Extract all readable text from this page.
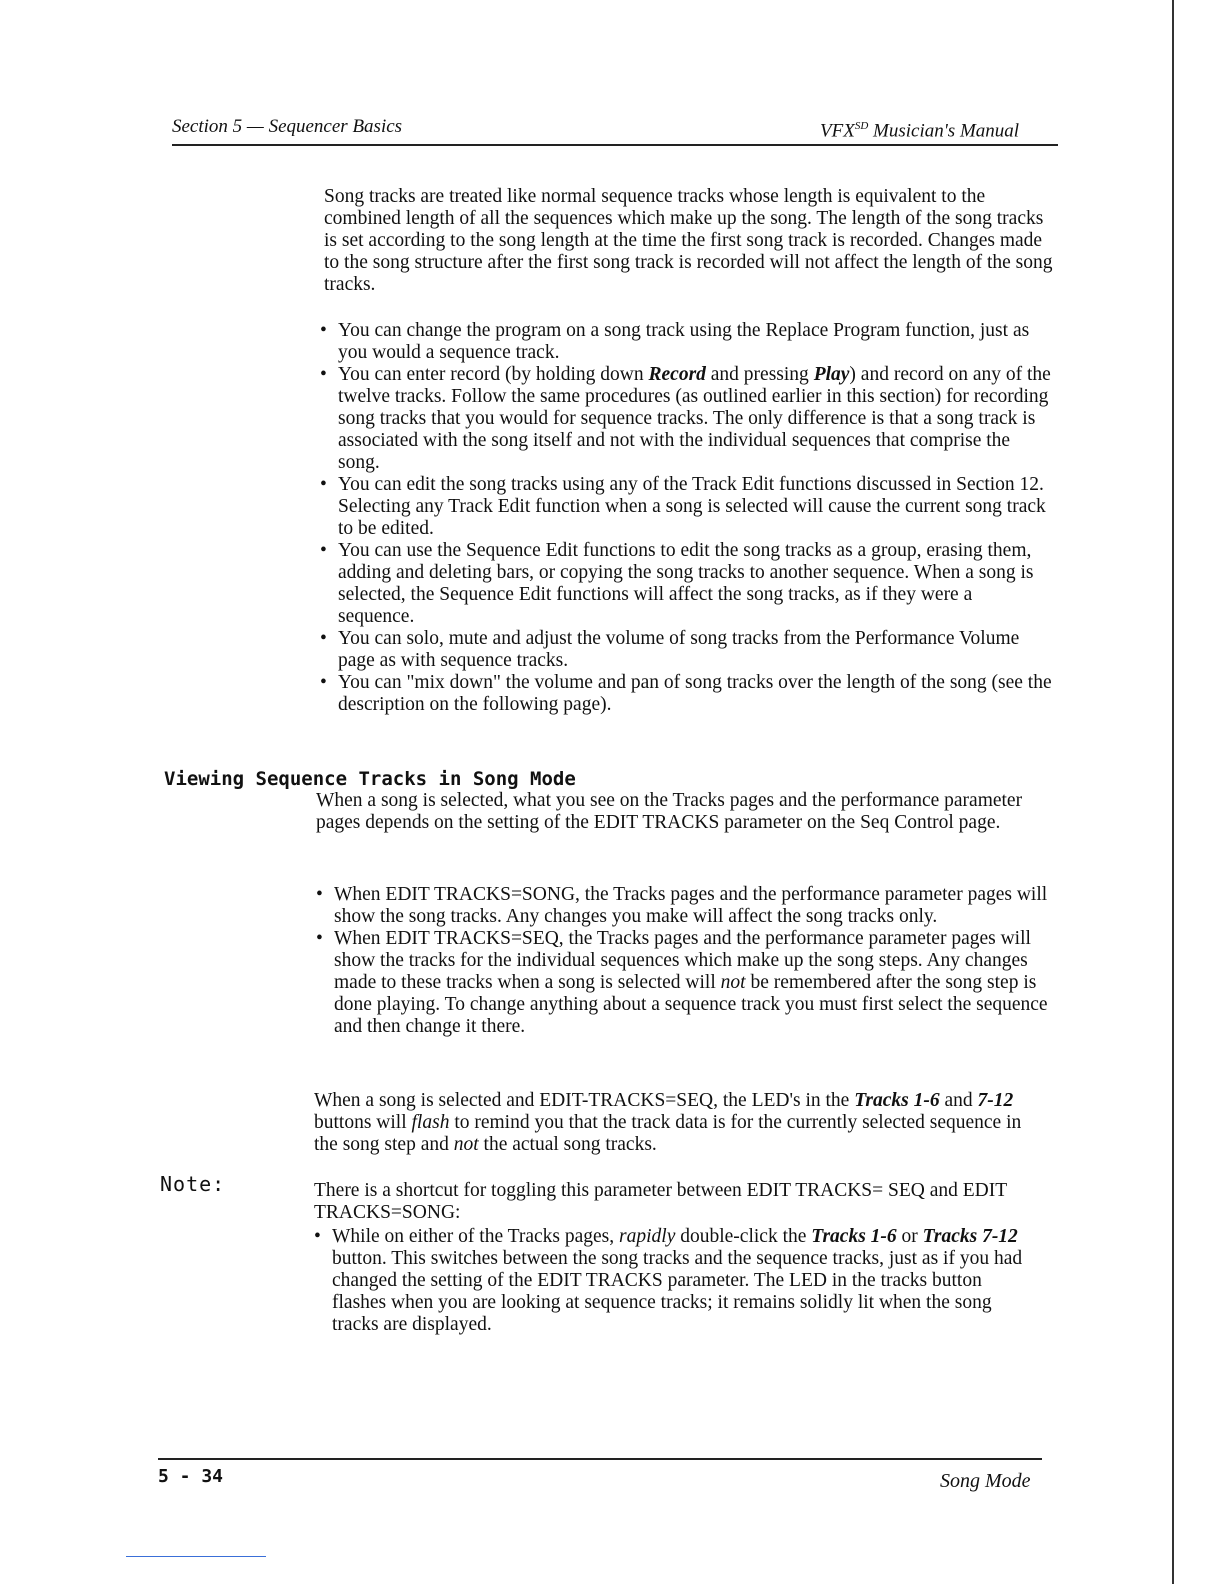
Section 5 — Sequencer Basics	$VFX^{SD}$ Musician's Manual
Song tracks are treated like normal sequence tracks whose length is equivalent to the combined length of all the sequences which make up the song. The length of the song tracks is set according to the song length at the time the first song track is recorded. Changes made to the song structure after the first song track is recorded will not affect the length of the song tracks.
• You can change the program on a song track using the Replace Program function, just as you would a sequence track.
• You can enter record (by holding down Record and pressing Play) and record on any of the twelve tracks. Follow the same procedures (as outlined earlier in this section) for recording song tracks that you would for sequence tracks. The only difference is that a song track is associated with the song itself and not with the individual sequences that comprise the song.
• You can edit the song tracks using any of the Track Edit functions discussed in Section 12. Selecting any Track Edit function when a song is selected will cause the current song track to be edited.
• You can use the Sequence Edit functions to edit the song tracks as a group, erasing them, adding and deleting bars, or copying the song tracks to another sequence. When a song is selected, the Sequence Edit functions will affect the song tracks, as if they were a sequence.
• You can solo, mute and adjust the volume of song tracks from the Performance Volume page as with sequence tracks.
• You can "mix down" the volume and pan of song tracks over the length of the song (see the description on the following page).
Viewing Sequence Tracks in Song Mode
When a song is selected, what you see on the Tracks pages and the performance parameter pages depends on the setting of the EDIT TRACKS parameter on the Seq Control page.
• When EDIT TRACKS=SONG, the Tracks pages and the performance parameter pages will show the song tracks. Any changes you make will affect the song tracks only.
• When EDIT TRACKS=SEQ, the Tracks pages and the performance parameter pages will show the tracks for the individual sequences which make up the song steps. Any changes made to these tracks when a song is selected will not be remembered after the song step is done playing. To change anything about a sequence track you must first select the sequence and then change it there.
When a song is selected and EDIT-TRACKS=SEQ, the LED's in the Tracks 1-6 and 7-12 buttons will flash to remind you that the track data is for the currently selected sequence in the song step and not the actual song tracks.
Note:	There is a shortcut for toggling this parameter between EDIT TRACKS= SEQ and EDIT TRACKS=SONG:
• While on either of the Tracks pages, rapidly double-click the Tracks 1-6 or Tracks 7-12 button. This switches between the song tracks and the sequence tracks, just as if you had changed the setting of the EDIT TRACKS parameter. The LED in the tracks button flashes when you are looking at sequence tracks; it remains solidly lit when the song tracks are displayed.
5 - 34	Song Mode
